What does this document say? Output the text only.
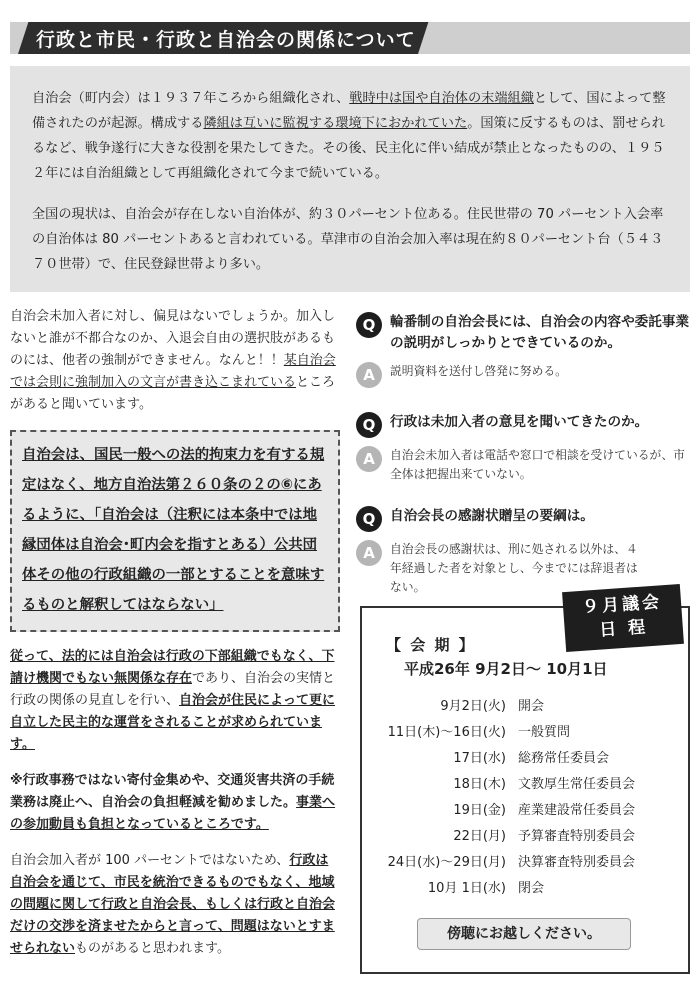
行政と市民・行政と自治会の関係について

自治会（町内会）は１９３７年ころから組織化され、戦時中は国や自治体の末端組織として、国によって整備されたのが起源。構成する隣組は互いに監視する環境下におかれていた。国策に反するものは、罰せられるなど、戦争遂行に大きな役割を果たしてきた。その後、民主化に伴い結成が禁止となったものの、１９５２年には自治組織として再組織化されて今まで続いている。

全国の現状は、自治会が存在しない自治体が、約３０パーセント位ある。住民世帯の 70 パーセント入会率の自治体は 80 パーセントあると言われている。草津市の自治会加入率は現在約８０パーセント台（５４３７０世帯）で、住民登録世帯より多い。

自治会未加入者に対し、偏見はないでしょうか。加入しないと誰が不都合なのか、入退会自由の選択肢があるものには、他者の強制ができません。なんと！！某自治会では会則に強制加入の文言が書き込こまれているところがあると聞いています。

自治会は、国民一般への法的拘束力を有する規定はなく、地方自治法第２６０条の２の⑥にあるように、「自治会は（注釈には本条中では地縁団体は自治会･町内会を指すとある）公共団体その他の行政組織の一部とすることを意味するものと解釈してはならない」

従って、法的には自治会は行政の下部組織でもなく、下請け機関でもない無関係な存在であり、自治会の実情と行政の関係の見直しを行い、自治会が住民によって更に自立した民主的な運営をされることが求められています。

※行政事務ではない寄付金集めや、交通災害共済の手続業務は廃止へ、自治会の負担軽減を勧めました。事業への参加動員も負担となっているところです。

自治会加入者が 100 パーセントではないため、行政は自治会を通じて、市民を統治できるものでもなく、地域の問題に関して行政と自治会長、もしくは行政と自治会だけの交渉を済ませたからと言って、問題はないとすませられないものがあると思われます。

Q	輪番制の自治会長には、自治会の内容や委託事業の説明がしっかりとできているのか。
A	説明資料を送付し啓発に努める。
Q	行政は未加入者の意見を聞いてきたのか。
A	自治会未加入者は電話や窓口で相談を受けているが、市全体は把握出来ていない。
Q	自治会長の感謝状贈呈の要綱は。
A	自治会長の感謝状は、刑に処される以外は、４年経過した者を対象とし、今までには辞退者はない。
９月議会
日 程
【 会 期 】
平成26年 9月2日～ 10月1日
9月2日(火) 開会
11日(木)～16日(火) 一般質問
17日(水) 総務常任委員会
18日(木) 文教厚生常任委員会
19日(金) 産業建設常任委員会
22日(月) 予算審査特別委員会
24日(水)～29日(月) 決算審査特別委員会
10月 1日(水) 閉会
傍聴にお越しください。
